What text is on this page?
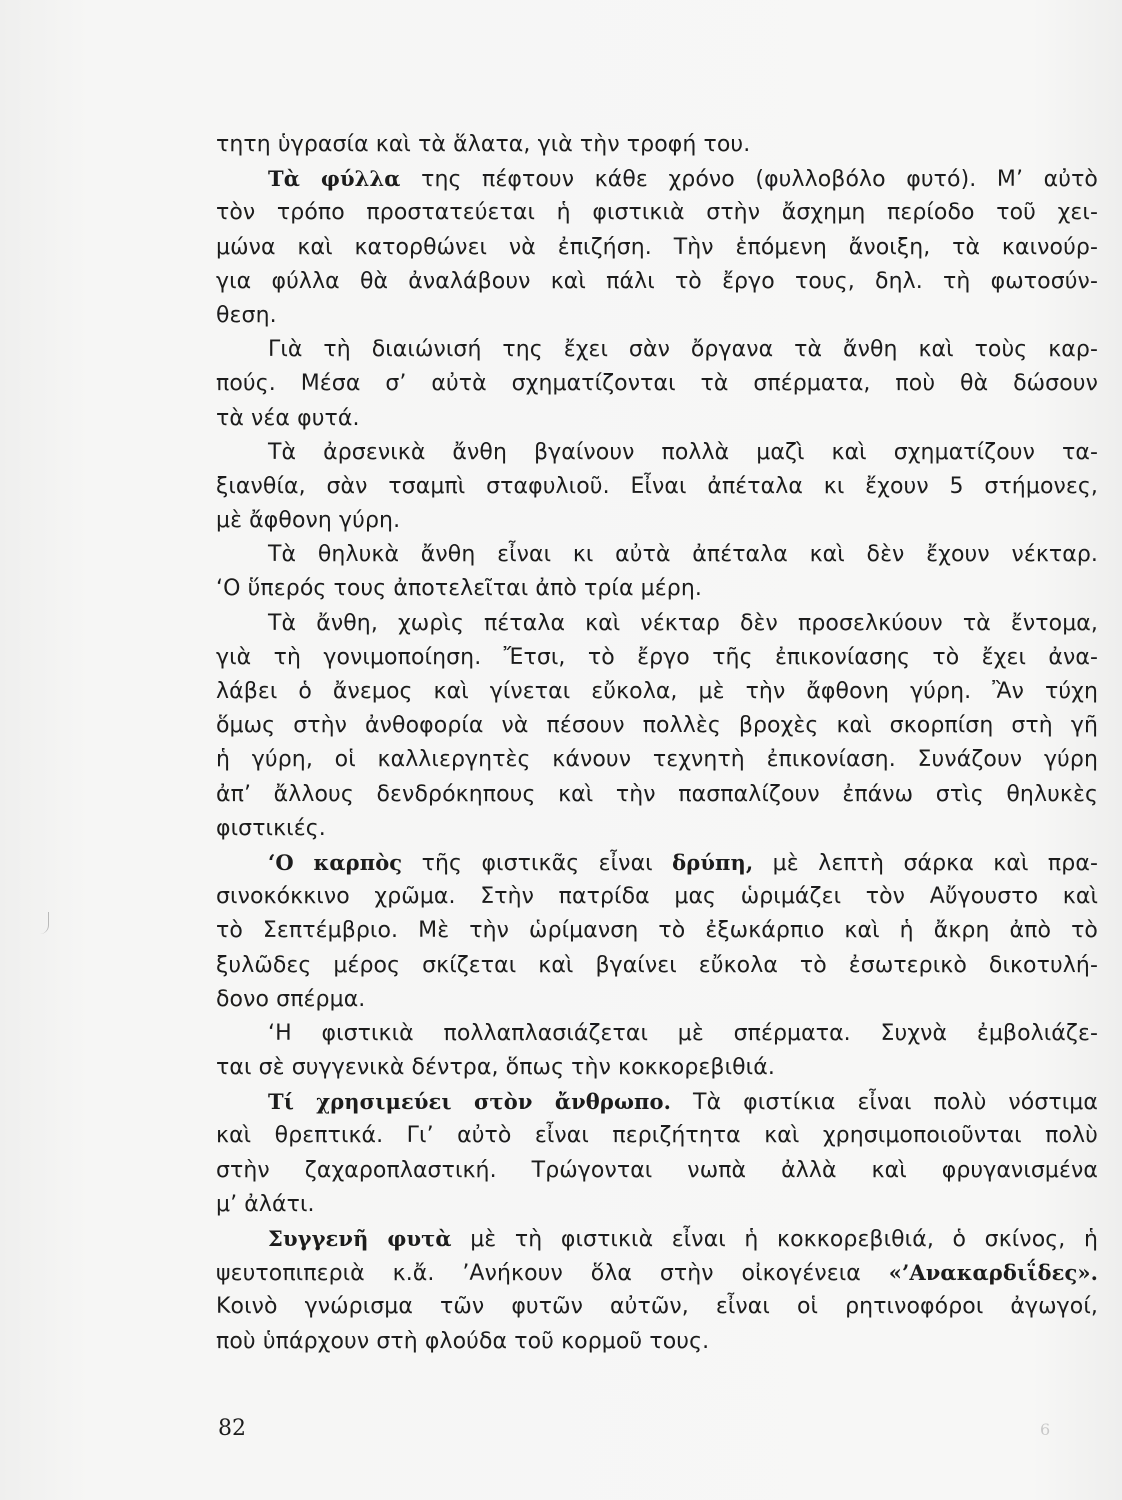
τητη ὑγρασία καὶ τὰ ἅλατα, γιὰ τὴν τροφή του.
Τὰ φύλλα της πέφτουν κάθε χρόνο (φυλλοβόλο φυτό). Μ’ αὐτὸ
τὸν τρόπο προστατεύεται ἡ φιστικιὰ στὴν ἄσχημη περίοδο τοῦ χει-
μώνα καὶ κατορθώνει νὰ ἐπιζήση. Τὴν ἑπόμενη ἄνοιξη, τὰ καινούρ-
για φύλλα θὰ ἀναλάβουν καὶ πάλι τὸ ἔργο τους, δηλ. τὴ φωτοσύν-
θεση.
Γιὰ τὴ διαιώνισή της ἔχει σὰν ὄργανα τὰ ἄνθη καὶ τοὺς καρ-
πούς. Μέσα σ’ αὐτὰ σχηματίζονται τὰ σπέρματα, ποὺ θὰ δώσουν
τὰ νέα φυτά.
Τὰ ἀρσενικὰ ἄνθη βγαίνουν πολλὰ μαζὶ καὶ σχηματίζουν τα-
ξιανθία, σὰν τσαμπὶ σταφυλιοῦ. Εἶναι ἀπέταλα κι ἔχουν 5 στήμονες,
μὲ ἄφθονη γύρη.
Τὰ θηλυκὰ ἄνθη εἶναι κι αὐτὰ ἀπέταλα καὶ δὲν ἔχουν νέκταρ.
‘Ο ὕπερός τους ἀποτελεῖται ἀπὸ τρία μέρη.
Τὰ ἄνθη, χωρὶς πέταλα καὶ νέκταρ δὲν προσελκύουν τὰ ἔντομα,
γιὰ τὴ γονιμοποίηση. Ἔτσι, τὸ ἔργο τῆς ἐπικονίασης τὸ ἔχει ἀνα-
λάβει ὁ ἄνεμος καὶ γίνεται εὔκολα, μὲ τὴν ἄφθονη γύρη. Ἂν τύχη
ὅμως στὴν ἀνθοφορία νὰ πέσουν πολλὲς βροχὲς καὶ σκορπίση στὴ γῆ
ἡ γύρη, οἱ καλλιεργητὲς κάνουν τεχνητὴ ἐπικονίαση. Συνάζουν γύρη
ἀπ’ ἄλλους δενδρόκηπους καὶ τὴν πασπαλίζουν ἐπάνω στὶς θηλυκὲς
φιστικιές.
‘Ο καρπὸς τῆς φιστικᾶς εἶναι δρύπη, μὲ λεπτὴ σάρκα καὶ πρα-
σινοκόκκινο χρῶμα. Στὴν πατρίδα μας ὡριμάζει τὸν Αὔγουστο καὶ
τὸ Σεπτέμβριο. Μὲ τὴν ὡρίμανση τὸ ἐξωκάρπιο καὶ ἡ ἄκρη ἀπὸ τὸ
ξυλῶδες μέρος σκίζεται καὶ βγαίνει εὔκολα τὸ ἐσωτερικὸ δικοτυλή-
δονο σπέρμα.
‘Η φιστικιὰ πολλαπλασιάζεται μὲ σπέρματα. Συχνὰ ἐμβολιάζε-
ται σὲ συγγενικὰ δέντρα, ὅπως τὴν κοκκορεβιθιά.
Τί χρησιμεύει στὸν ἄνθρωπο. Τὰ φιστίκια εἶναι πολὺ νόστιμα
καὶ θρεπτικά. Γι’ αὐτὸ εἶναι περιζήτητα καὶ χρησιμοποιοῦνται πολὺ
στὴν ζαχαροπλαστική. Τρώγονται νωπὰ ἀλλὰ καὶ φρυγανισμένα
μ’ ἀλάτι.
Συγγενῆ φυτὰ μὲ τὴ φιστικιὰ εἶναι ἡ κοκκορεβιθιά, ὁ σκίνος, ἡ
ψευτοπιπεριὰ κ.ἄ. ’Ανήκουν ὅλα στὴν οἰκογένεια «’Ανακαρδιΐδες».
Κοινὸ γνώρισμα τῶν φυτῶν αὐτῶν, εἶναι οἱ ρητινοφόροι ἀγωγοί,
ποὺ ὑπάρχουν στὴ φλούδα τοῦ κορμοῦ τους.
82	6
